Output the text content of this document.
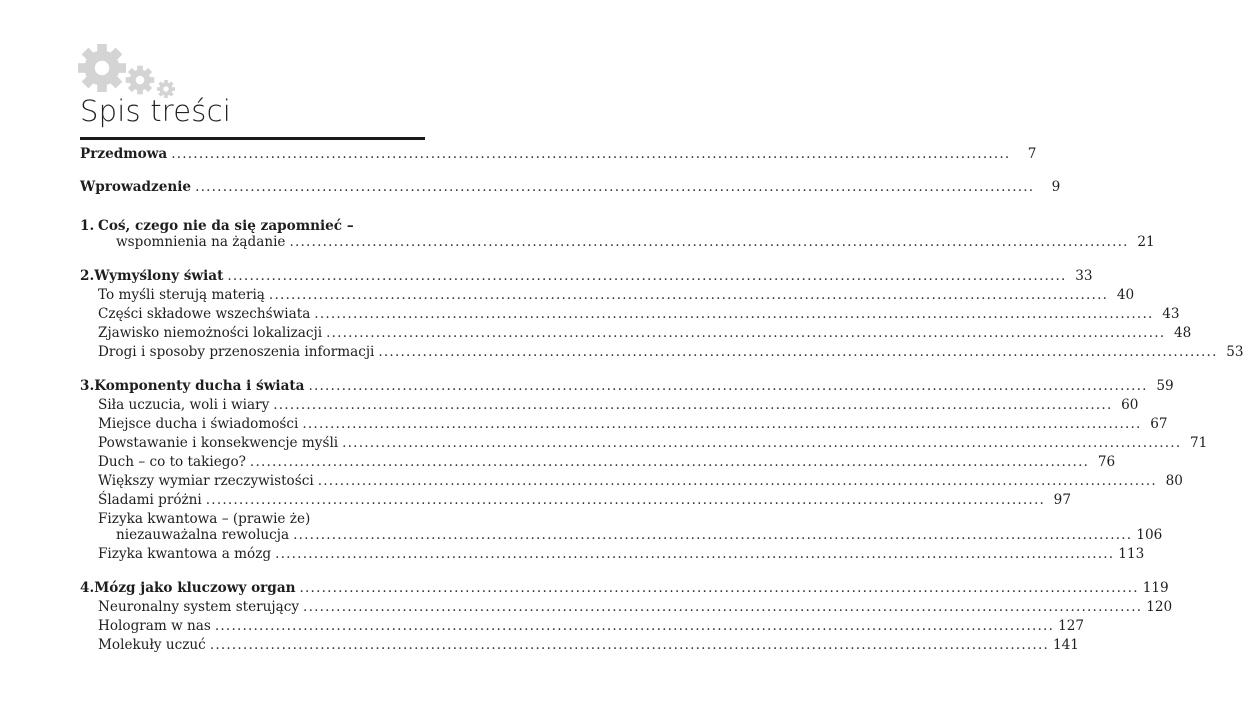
Spis treści
Przedmowa ........................................................................................................................................................	7
Wprowadzenie ........................................................................................................................................................	9
1. Coś, czego nie da się zapomnieć –
wspomnienia na żądanie ........................................................................................................................................................ 21
2. Wymyślony świat ........................................................................................................................................................ 33
To myśli sterują materią ........................................................................................................................................................ 40
Części składowe wszechświata ........................................................................................................................................................ 43
Zjawisko niemożności lokalizacji ........................................................................................................................................................ 48
Drogi i sposoby przenoszenia informacji ........................................................................................................................................................ 53
3. Komponenty ducha i świata ........................................................................................................................................................ 59
Siła uczucia, woli i wiary ........................................................................................................................................................ 60
Miejsce ducha i świadomości ........................................................................................................................................................ 67
Powstawanie i konsekwencje myśli ........................................................................................................................................................ 71
Duch – co to takiego? ........................................................................................................................................................ 76
Większy wymiar rzeczywistości ........................................................................................................................................................ 80
Śladami próżni ........................................................................................................................................................ 97
Fizyka kwantowa – (prawie że)
niezauważalna rewolucja ........................................................................................................................................................ 106
Fizyka kwantowa a mózg ........................................................................................................................................................ 113
4. Mózg jako kluczowy organ ........................................................................................................................................................ 119
Neuronalny system sterujący ........................................................................................................................................................ 120
Hologram w nas ........................................................................................................................................................ 127
Molekuły uczuć ........................................................................................................................................................ 141
